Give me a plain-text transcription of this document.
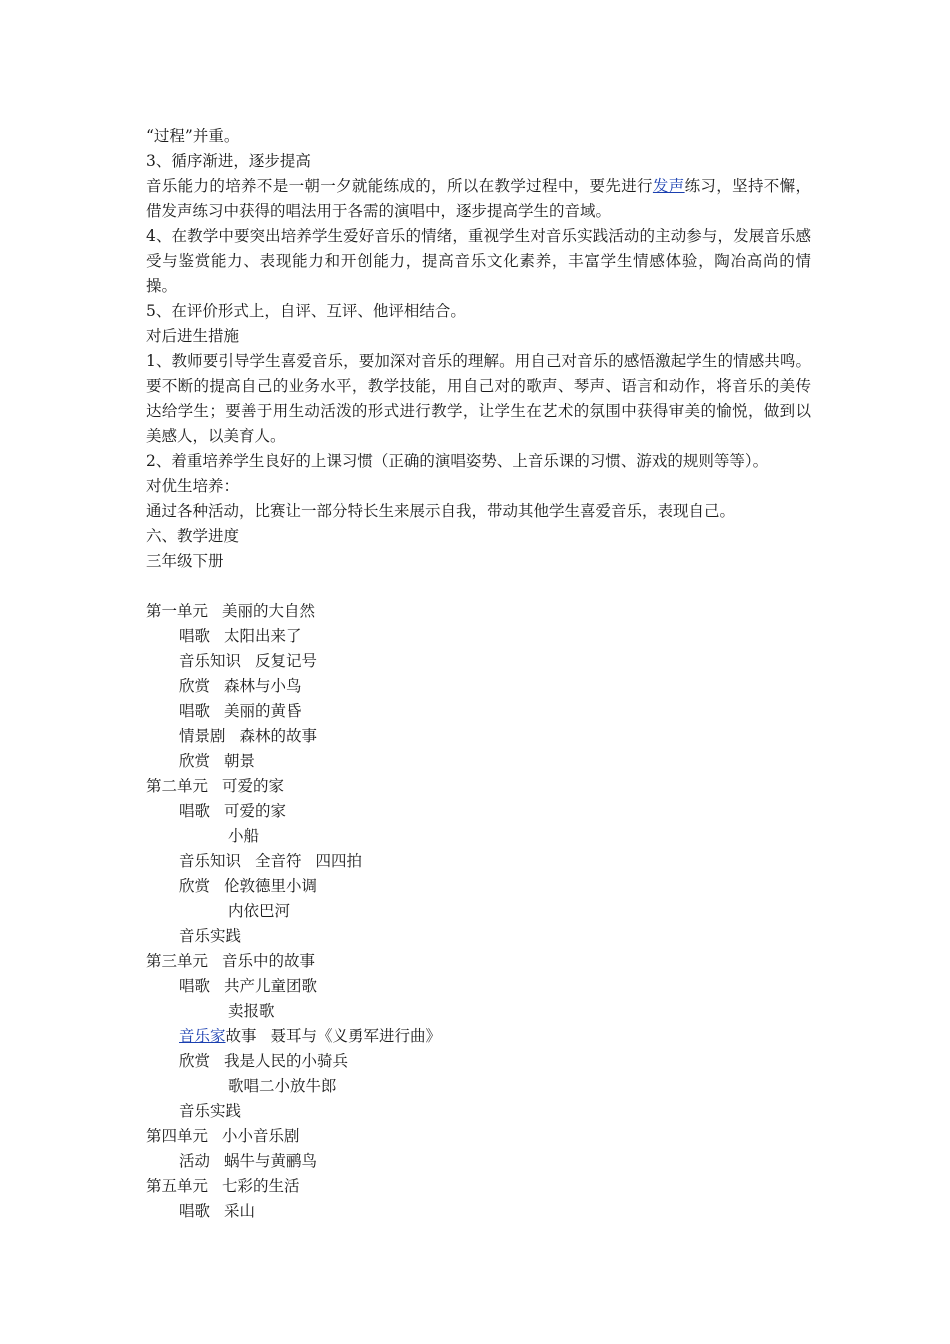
“过程”并重。

3、循序渐进，逐步提高

音乐能力的培养不是一朝一夕就能练成的，所以在教学过程中，要先进行发声练习，坚持不懈，借发声练习中获得的唱法用于各需的演唱中，逐步提高学生的音域。

4、在教学中要突出培养学生爱好音乐的情绪，重视学生对音乐实践活动的主动参与，发展音乐感受与鉴赏能力、表现能力和开创能力，提高音乐文化素养，丰富学生情感体验，陶冶高尚的情操。

5、在评价形式上，自评、互评、他评相结合。

对后进生措施

1、教师要引导学生喜爱音乐，要加深对音乐的理解。用自己对音乐的感悟激起学生的情感共鸣。要不断的提高自己的业务水平，教学技能，用自己对的歌声、琴声、语言和动作，将音乐的美传达给学生；要善于用生动活泼的形式进行教学，让学生在艺术的氛围中获得审美的愉悦，做到以美感人，以美育人。

2、着重培养学生良好的上课习惯（正确的演唱姿势、上音乐课的习惯、游戏的规则等等）。

对优生培养：

通过各种活动，比赛让一部分特长生来展示自我，带动其他学生喜爱音乐，表现自己。

六、教学进度

三年级下册

第一单元 美丽的大自然
唱歌 太阳出来了
音乐知识 反复记号
欣赏 森林与小鸟
唱歌 美丽的黄昏
情景剧 森林的故事
欣赏 朝景
第二单元 可爱的家
唱歌 可爱的家
小船
音乐知识 全音符 四四拍
欣赏 伦敦德里小调
内依巴河
音乐实践
第三单元 音乐中的故事
唱歌 共产儿童团歌
卖报歌
音乐家故事 聂耳与《义勇军进行曲》
欣赏 我是人民的小骑兵
歌唱二小放牛郎
音乐实践
第四单元 小小音乐剧
活动 蜗牛与黄鹂鸟
第五单元 七彩的生活
唱歌 采山
